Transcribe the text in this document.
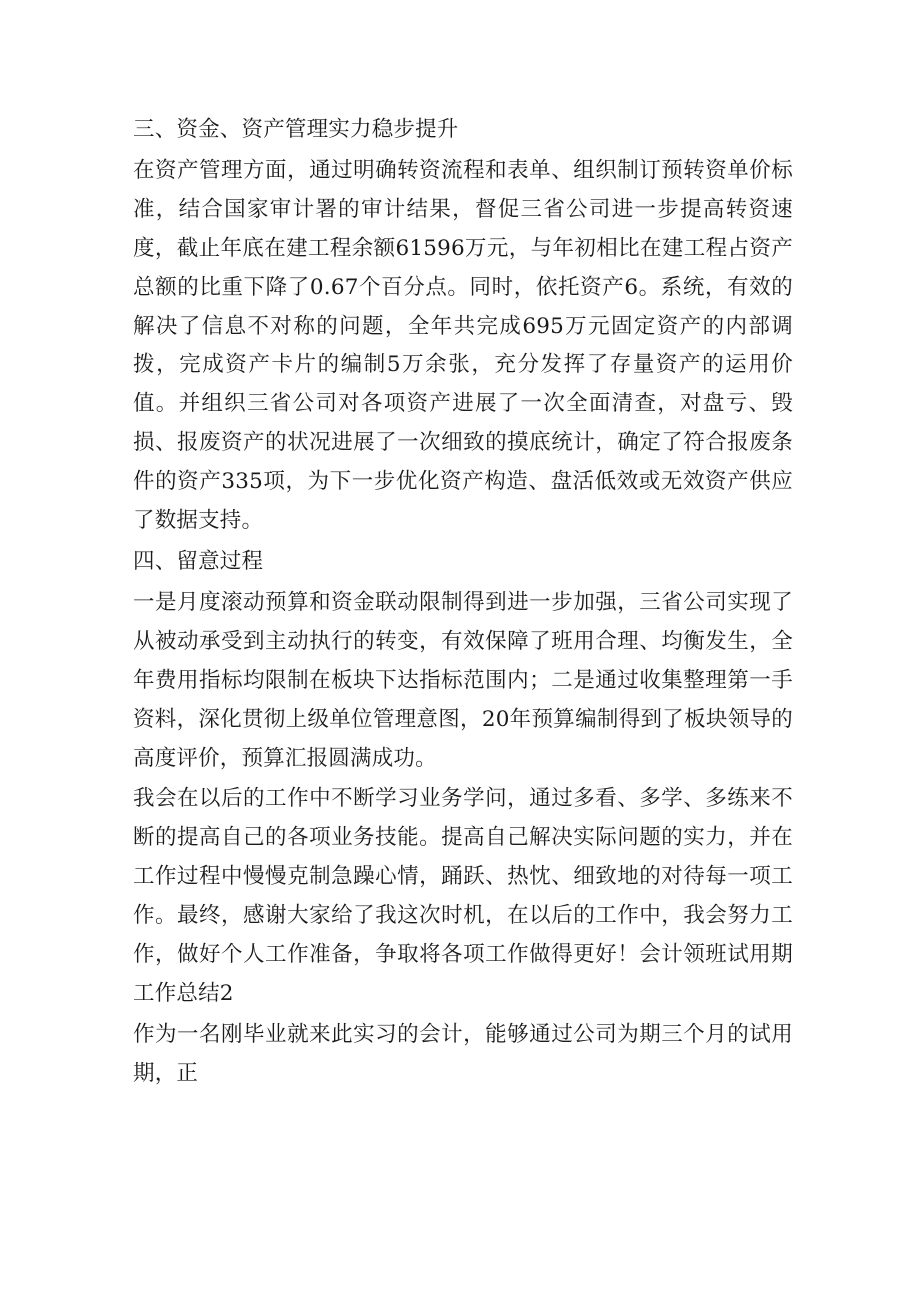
三、资金、资产管理实力稳步提升

在资产管理方面，通过明确转资流程和表单、组织制订预转资单价标准，结合国家审计署的审计结果，督促三省公司进一步提高转资速度，截止年底在建工程余额61596万元，与年初相比在建工程占资产总额的比重下降了0.67个百分点。同时，依托资产6。系统，有效的解决了信息不对称的问题，全年共完成695万元固定资产的内部调拨，完成资产卡片的编制5万余张，充分发挥了存量资产的运用价值。并组织三省公司对各项资产进展了一次全面清查，对盘亏、毁损、报废资产的状况进展了一次细致的摸底统计，确定了符合报废条件的资产335项，为下一步优化资产构造、盘活低效或无效资产供应了数据支持。

四、留意过程

一是月度滚动预算和资金联动限制得到进一步加强，三省公司实现了从被动承受到主动执行的转变，有效保障了班用合理、均衡发生，全年费用指标均限制在板块下达指标范围内；二是通过收集整理第一手资料，深化贯彻上级单位管理意图，20年预算编制得到了板块领导的高度评价，预算汇报圆满成功。

我会在以后的工作中不断学习业务学问，通过多看、多学、多练来不断的提高自己的各项业务技能。提高自己解决实际问题的实力，并在工作过程中慢慢克制急躁心情，踊跃、热忱、细致地的对待每一项工作。最终，感谢大家给了我这次时机，在以后的工作中，我会努力工作，做好个人工作准备，争取将各项工作做得更好！会计领班试用期工作总结2

作为一名刚毕业就来此实习的会计，能够通过公司为期三个月的试用期，正
